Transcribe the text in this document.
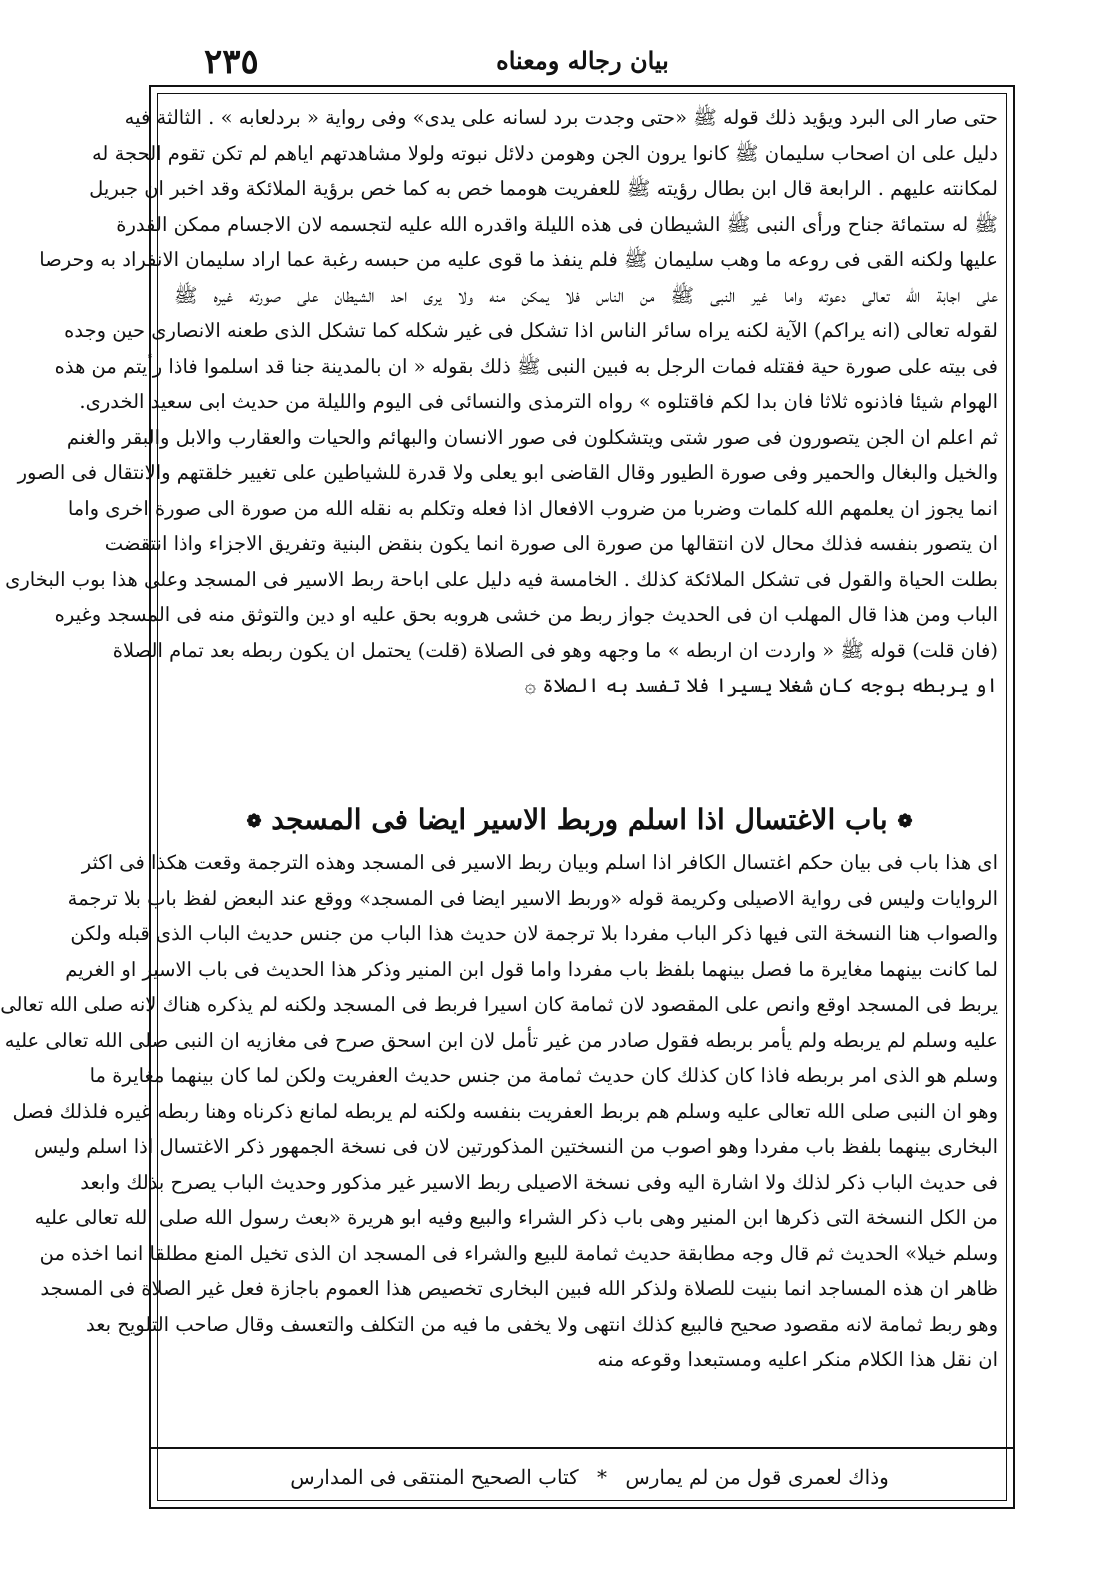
بيان رجاله ومعناه
٢٣٥
حتى صار الى البرد ويؤيد ذلك قوله ﷺ «حتى وجدت برد لسانه على يدى» وفى رواية « بردلعابه » . الثالثة فيه
دليل على ان اصحاب سليمان ﷺ كانوا يرون الجن وهومن دلائل نبوته ولولا مشاهدتهم اياهم لم تكن تقوم الحجة له
لمكانته عليهم . الرابعة قال ابن بطال رؤيته ﷺ للعفريت هومما خص به كما خص برؤية الملائكة وقد اخبر ان جبريل
ﷺ له ستمائة جناح ورأى النبى ﷺ الشيطان فى هذه الليلة واقدره الله عليه لتجسمه لان الاجسام ممكن القدرة
عليها ولكنه القى فى روعه ما وهب سليمان ﷺ فلم ينفذ ما قوى عليه من حبسه رغبة عما اراد سليمان الانفراد به وحرصا
على اجابة الله تعالى دعوته واما غير النبى ﷺ من الناس فلا يمكن منه ولا يرى احد الشيطان على صورته غيره ﷺ
لقوله تعالى (انه يراكم) الآية لكنه يراه سائر الناس اذا تشكل فى غير شكله كما تشكل الذى طعنه الانصارى حين وجده
فى بيته على صورة حية فقتله فمات الرجل به فبين النبى ﷺ ذلك بقوله « ان بالمدينة جنا قد اسلموا فاذا رأيتم من هذه
الهوام شيئا فاذنوه ثلاثا فان بدا لكم فاقتلوه » رواه الترمذى والنسائى فى اليوم والليلة من حديث ابى سعيد الخدرى.
ثم اعلم ان الجن يتصورون فى صور شتى ويتشكلون فى صور الانسان والبهائم والحيات والعقارب والابل والبقر والغنم
والخيل والبغال والحمير وفى صورة الطيور وقال القاضى ابو يعلى ولا قدرة للشياطين على تغيير خلقتهم والانتقال فى الصور
انما يجوز ان يعلمهم الله كلمات وضربا من ضروب الافعال اذا فعله وتكلم به نقله الله من صورة الى صورة اخرى واما
ان يتصور بنفسه فذلك محال لان انتقالها من صورة الى صورة انما يكون بنقض البنية وتفريق الاجزاء واذا انتقضت
بطلت الحياة والقول فى تشكل الملائكة كذلك . الخامسة فيه دليل على اباحة ربط الاسير فى المسجد وعلى هذا بوب البخارى
الباب ومن هذا قال المهلب ان فى الحديث جواز ربط من خشى هروبه بحق عليه او دين والتوثق منه فى المسجد وغيره
(فان قلت) قوله ﷺ « واردت ان اربطه » ما وجهه وهو فى الصلاة (قلت) يحتمل ان يكون ربطه بعد تمام الصلاة
او يربطه بوجه كان شغلا يسيرا فلا تفسد به الصلاة ۞
❁ باب الاغتسال اذا اسلم وربط الاسير ايضا فى المسجد ❁
اى هذا باب فى بيان حكم اغتسال الكافر اذا اسلم وبيان ربط الاسير فى المسجد وهذه الترجمة وقعت هكذا فى اكثر
الروايات وليس فى رواية الاصيلى وكريمة قوله «وربط الاسير ايضا فى المسجد» ووقع عند البعض لفظ باب بلا ترجمة
والصواب هنا النسخة التى فيها ذكر الباب مفردا بلا ترجمة لان حديث هذا الباب من جنس حديث الباب الذى قبله ولكن
لما كانت بينهما مغايرة ما فصل بينهما بلفظ باب مفردا واما قول ابن المنير وذكر هذا الحديث فى باب الاسير او الغريم
يربط فى المسجد اوقع وانص على المقصود لان ثمامة كان اسيرا فربط فى المسجد ولكنه لم يذكره هناك لانه صلى الله تعالى
عليه وسلم لم يربطه ولم يأمر بربطه فقول صادر من غير تأمل لان ابن اسحق صرح فى مغازيه ان النبى صلى الله تعالى عليه
وسلم هو الذى امر بربطه فاذا كان كذلك كان حديث ثمامة من جنس حديث العفريت ولكن لما كان بينهما مغايرة ما
وهو ان النبى صلى الله تعالى عليه وسلم هم بربط العفريت بنفسه ولكنه لم يربطه لمانع ذكرناه وهنا ربطه غيره فلذلك فصل
البخارى بينهما بلفظ باب مفردا وهو اصوب من النسختين المذكورتين لان فى نسخة الجمهور ذكر الاغتسال اذا اسلم وليس
فى حديث الباب ذكر لذلك ولا اشارة اليه وفى نسخة الاصيلى ربط الاسير غير مذكور وحديث الباب يصرح بذلك وابعد
من الكل النسخة التى ذكرها ابن المنير وهى باب ذكر الشراء والبيع وفيه ابو هريرة «بعث رسول الله صلى الله تعالى عليه
وسلم خيلا» الحديث ثم قال وجه مطابقة حديث ثمامة للبيع والشراء فى المسجد ان الذى تخيل المنع مطلقا انما اخذه من
ظاهر ان هذه المساجد انما بنيت للصلاة ولذكر الله فبين البخارى تخصيص هذا العموم باجازة فعل غير الصلاة فى المسجد
وهو ربط ثمامة لانه مقصود صحيح فالبيع كذلك انتهى ولا يخفى ما فيه من التكلف والتعسف وقال صاحب التلويح بعد
ان نقل هذا الكلام منكر اعليه ومستبعدا وقوعه منه
وذاك لعمرى قول من لم يمارس * كتاب الصحيح المنتقى فى المدارس
